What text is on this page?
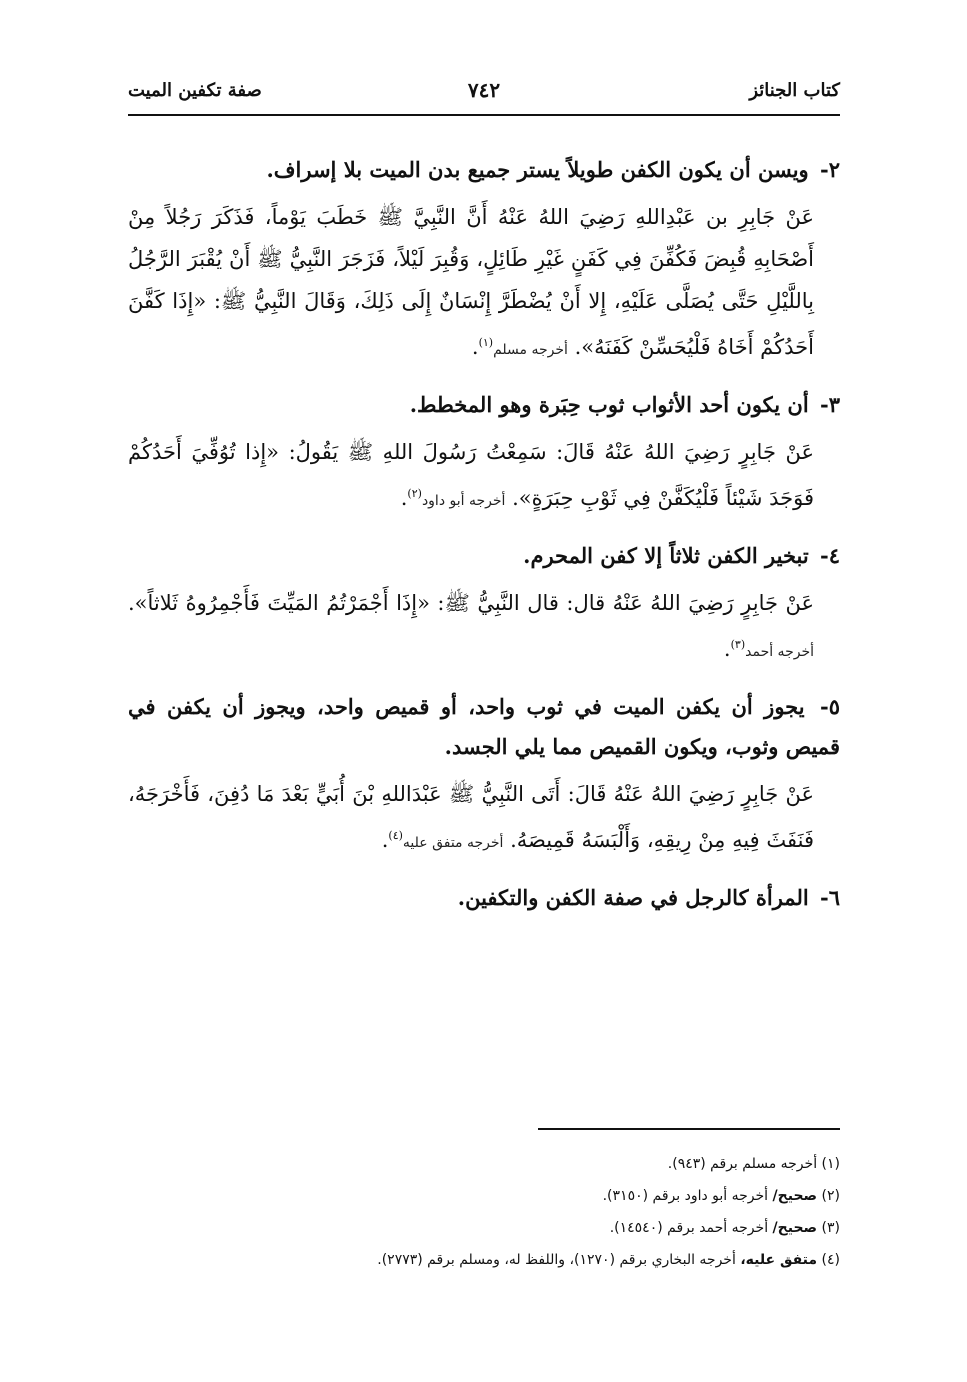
كتاب الجنائز
٧٤٢
صفة تكفين الميت

٢- ويسن أن يكون الكفن طويلاً يستر جميع بدن الميت بلا إسراف.

عَنْ جَابِرِ بن عَبْدِاللهِ رَضِيَ اللهُ عَنْهُ أَنَّ النَّبِيَّ ﷺ خَطَبَ يَوْماً، فَذَكَرَ رَجُلاً مِنْ أَصْحَابِهِ قُبِضَ فَكُفِّنَ فِي كَفَنٍ غَيْرِ طَائِلٍ، وَقُبِرَ لَيْلاً، فَزَجَرَ النَّبِيُّ ﷺ أَنْ يُقْبَرَ الرَّجُلُ بِاللَّيْلِ حَتَّى يُصَلَّى عَلَيْهِ، إِلا أَنْ يُضْطَرَّ إِنْسَانٌ إِلَى ذَلِكَ، وَقَالَ النَّبِيُّ ﷺ: «إِذَا كَفَّنَ أَحَدُكُمْ أَخَاهُ فَلْيُحَسِّنْ كَفَنَهُ». أخرجه مسلم$^{(١)}$.

٣- أن يكون أحد الأثواب ثوب حِبَرة وهو المخطط.

عَنْ جَابِرٍ رَضِيَ اللهُ عَنْهُ قَالَ: سَمِعْتُ رَسُولَ اللهِ ﷺ يَقُولُ: «إِذا تُوُفِّيَ أَحَدُكُمْ فَوَجَدَ شَيْئاً فَلْيُكَفَّنْ فِي ثَوْبِ حِبَرَةٍ». أخرجه أبو داود$^{(٢)}$.

٤- تبخير الكفن ثلاثاً إلا كفن المحرم.

عَنْ جَابِرٍ رَضِيَ اللهُ عَنْهُ قال: قال النَّبِيُّ ﷺ: «إِذَا أَجْمَرْتُمُ المَيِّتَ فَأَجْمِرُوهُ ثَلاثاً». أخرجه أحمد$^{(٣)}$.

٥- يجوز أن يكفن الميت في ثوب واحد، أو قميص واحد، ويجوز أن يكفن في قميص وثوب، ويكون القميص مما يلي الجسد.

عَنْ جَابِرٍ رَضِيَ اللهُ عَنْهُ قَالَ: أَتَى النَّبِيُّ ﷺ عَبْدَاللهِ بْنَ أُبَيٍّ بَعْدَ مَا دُفِنَ، فَأَخْرَجَهُ، فَنَفَثَ فِيهِ مِنْ رِيقِهِ، وَأَلْبَسَهُ قَمِيصَهُ. أخرجه متفق عليه$^{(٤)}$.

٦- المرأة كالرجل في صفة الكفن والتكفين.

(١) أخرجه مسلم برقم (٩٤٣).

(٢) صحيح/ أخرجه أبو داود برقم (٣١٥٠).

(٣) صحيح/ أخرجه أحمد برقم (١٤٥٤٠).

(٤) متفق عليه، أخرجه البخاري برقم (١٢٧٠)، واللفظ له، ومسلم برقم (٢٧٧٣).
